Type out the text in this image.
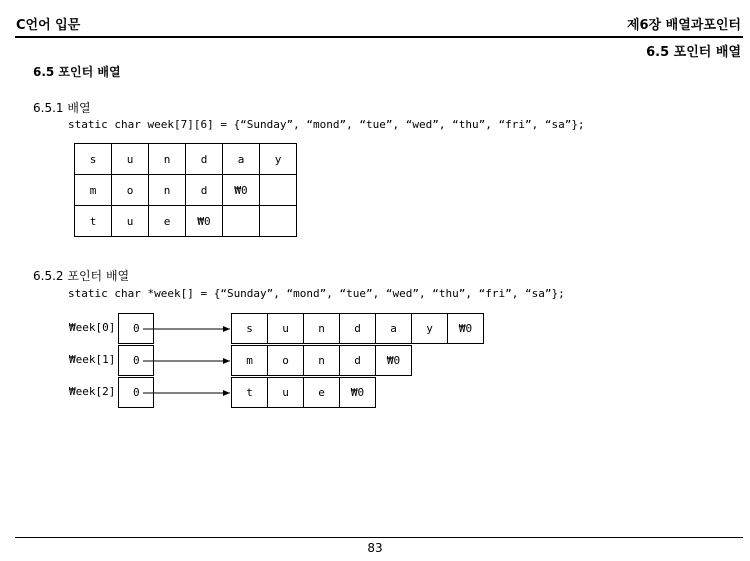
C언어 입문	제6장 배열과포인터
6.5 포인터 배열
6.5 포인터 배열
6.5.1 배열
static char week[7][6] = {“Sunday”, “mond”, “tue”, “wed”, “thu”, “fri”, “sa”};
s	u	n	d	a	y
m	o	n	d	₩0	
t	u	e	₩0		
6.5.2 포인터 배열
static char *week[] = {“Sunday”, “mond”, “tue”, “wed”, “thu”, “fri”, “sa”};
₩eek[0]	0	s	u	n	d	a	y	₩0
₩eek[1]	0	m	o	n	d	₩0
₩eek[2]	0	t	u	e	₩0
83
